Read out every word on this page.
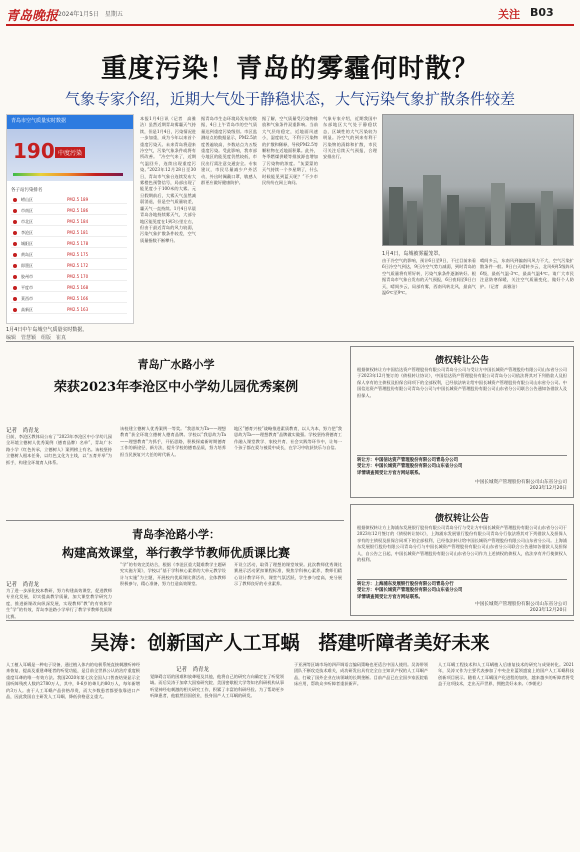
青岛晚报 2024年1月5日　星期五	关注 B03
重度污染！青岛的雾霾何时散？
气象专家介绍，近期大气处于静稳状态，大气污染气象扩散条件较差
青岛市空气质量实时数据
190 中度污染
各子站污染排名
崂山区	PM2.5 189
市南区	PM2.5 186
市北区	PM2.5 184
李沧区	PM2.5 181
城阳区	PM2.5 178
黄岛区	PM2.5 175
即墨区	PM2.5 172
胶州市	PM2.5 170
平度市	PM2.5 168
莱西市	PM2.5 166
高新区	PM2.5 163
1月4日中午岛城空气质量实时数据。
本报1月4日讯（记者　高雅洁）虽然近期青岛雾霾天气持续，但是1月4日，污染情况进一步加重，成为今年以来首个重度污染天。未来青岛将迎来冷空气，污染气象条件或将有所改善。 “冷空气来了，近期气温回升，连续出现重度污染。”2023年12月28日至30日，青岛市气象台连续发布大雾橙色预警信号，局部出现了能见度小于100米的大雾。元旦假期前后，大雾天气虽然减弱消退，但是空气质量较差，霾天气一直持续。1月4日早晨青岛各地持续雾天气，大部分地区能见度在1到3公里左右，但由于最近青岛的风力较弱，污染气象扩散条件较差，空气质量指数不断攀升。
据青岛市生态环境局发布的数据，4日上午青岛市的空气质量达到重度污染级别。市区监测站点的数据显示，PM2.5浓度普遍较高，多数站点为五级重度污染。受此影响，我市部分地区的能见度仍然较低，市民出行需注意交通安全。专家建议，市民尽量减少户外活动，外出时佩戴口罩，敏感人群更应做好健康防护。
据了解，空气质量受污染物排放和气象条件双重影响。当前大气层结稳定，近地面风速小，湿度较大，不利于污染物的扩散和稀释，导致PM2.5等颗粒物在近地面积累。此外，冬季燃煤供暖等排放源也增加了污染物的浓度。“灰蒙蒙的天气持续一个多星期了，什么时候能见到蓝天呢？”不少市民纷纷在网上询问。
气象专家介绍，近期我国中东部地区大气处于静稳状态，区域性的大气污染较为明显。冷空气的到来有利于污染物的清除和扩散，市民可关注后续天气预报，合理安排出行。
1月4日，岛城被雾霾笼罩。
由于冷空气的影响，预计6日至9日，不过目前来看6日冷空气到达，9日冷空气势力减弱，到时青岛的空气质量将有所好转，污染气象条件逐渐转好。根据青岛市气象台发布的天气预报，6日夜间至8日白天，晴间多云，局部有雾，西南风转北风，最高气温6℃至9℃。
晴间多云，东南风到偏南风风力不大，空气污染扩散条件一般。9日白天晴转多云，北风4到5级阵风6级，最低气温-3℃，最高气温4℃。请广大市民注意防寒保暖，关注空气质量变化，做好个人防护。（记者　高雅洁）
编辑　管慧颖　组版　崔真
青岛广水路小学
荣获2023年李沧区中小学幼儿园优秀案例
记者　尚青龙
日前，李沧区教体局公布了“2023年李沧区中小学幼儿园全环境立德树人优秀案例（德育品牌）名单”，青岛广水路小学《红色传承，立德树人》案例榜上有名。该校坚持立德树人根本任务，以红色文化为主线，以“五育并举”为抓手，构建全环境育人体系。
该校建立德树人优秀案例一等奖。“我思故为Ta——理想教育”获全环境立德树人德育品牌。学校以“我思故为Ta——理想教育”为抓手，开拓思路，积极探索新时期德育工作的新途径、新方法，提升学校的德育品质，努力培养担当民族复兴大任的时代新人。
地区”德育兴校”战略推进素质教育，以人为本，努力把“我思故为Ta——理想教育”品牌做实做强。学校坚持将德育工作融入课堂教学、家校共育、社会实践等环节中，让每一个孩子都在爱与被爱中成长，在学习中收获快乐与自信。
青岛李沧路小学：
构建高效课堂，举行教学节教师优质课比赛
记者　尚青龙
为了进一步深化校本教研，努力构建高效课堂，促进教师专业化发展，切实提高教学质量，加大课堂教学研究力度，推进新课改向纵深发展，实现教师“教”的有效和学生“学”的有效，青岛李沧路小学举行了教学节教师优质课比赛。
“学”的有效完美结合，根据《李沧区重大疑难教学主题研究实施方案》，学校以“基于学科核心素养的大单元教学设计与实施”为主题，开展校内优质课比赛活动，全体教师积极参与，精心准备，努力打造高效课堂。
开设立活动，取得了理想的课堂效果。此次教师优秀课比赛展示活动紧扣课程标准，聚焦学科核心素养，教师们精心设计教学环节，课堂气氛活跃，学生参与度高，充分展示了教师良好的专业素养。
债权转让公告
根据债权转让方中国信达资产管理股份有限公司青岛分公司与受让方中国长城资产管理股份有限公司山东省分公司于2023年12月签订的《债权转让协议》，中国信达资产管理股份有限公司青岛分公司依法将其对下列借款人及担保人享有的主债权及担保合同项下的全部权利，已经依法转让给中国长城资产管理股份有限公司山东省分公司。中国信达资产管理股份有限公司青岛分公司与中国长城资产管理股份有限公司山东省分公司联合公告通知各借款人及担保人。
转让方：中国信达资产管理股份有限公司青岛分公司
受让方：中国长城资产管理股份有限公司山东省分公司
详情请查阅受让方官方网站联系。
中国长城资产管理股份有限公司山东省分公司
2023年12月20日
债权转让公告
根据债权转让方上海浦东发展银行股份有限公司青岛分行与受让方中国长城资产管理股份有限公司山东省分公司于2023年12月签订的《债权转让协议》，上海浦东发展银行股份有限公司青岛分行依法将其对下列借款人及担保人享有的主债权及担保合同项下的全部权利，已经依法转让给中国长城资产管理股份有限公司山东省分公司。上海浦东发展银行股份有限公司青岛分行与中国长城资产管理股份有限公司山东省分公司联合公告通知各借款人及担保人，自公告之日起，中国长城资产管理股份有限公司山东省分公司作为上述债权的债权人，依法享有并行使债权人的权利。
转让方：上海浦东发展银行股份有限公司青岛分行
受让方：中国长城资产管理股份有限公司山东省分公司
详情请查阅受让方官方网站联系。
中国长城资产管理股份有限公司山东省分公司
2023年12月20日
吴涛：创新国产人工耳蜗　搭建听障者美好未来
记者　尚青龙
人工植入耳蜗是一种电子设备，通过植入体内的电极系统直接刺激听神经来恢复、提高及重建聋哑者的听觉功能，是目前全世界公认的治疗重度极重度耳聋的唯一有效方法。我国2020年第七次全国人口普查结果显示全国听障残疾人数约2780万人，其中，0-6岁的聋儿约80万人，每年新增约3万人。由于人工耳蜗产品价格昂贵，而大多数患者都要依靠进口产品，因此我国自主研发人工耳蜗、降低价格意义重大。
觉障碍言语的困难和放聋哑及其他，他将自己的研究方向确定在了听觉领域。而后吴涛于加拿大国家研究院、美国密歇根大学等知名科研机构从事听觉神经电刺激的相关研究工作，积累了丰富的科研经验。为了帮助更多听障患者，他毅然回国创业，投身国产人工耳蜗的研发。
于亚洲等区域市场的四声调语言编码策略也更适合中国人使用。吴涛带领团队不断攻克技术难关，成功研发出具有完全自主知识产权的人工耳蜗产品，打破了国外企业在该领域的长期垄断。目前产品已在全国多家医院临床应用，帮助众多听障者重获新声。
人工耳蜗工程技术和人工耳蜗植入后康复技术的研究与成果转化。2021年，吴涛又作为主要代表参加了中央企业蓝领盛宴上的国产人工耳蜗科技创新项目展示。随着人工耳蜗国产化进程的加快，越来越多的听障者将受益于这项技术，走出无声世界，拥抱美好未来。（李朝光）
